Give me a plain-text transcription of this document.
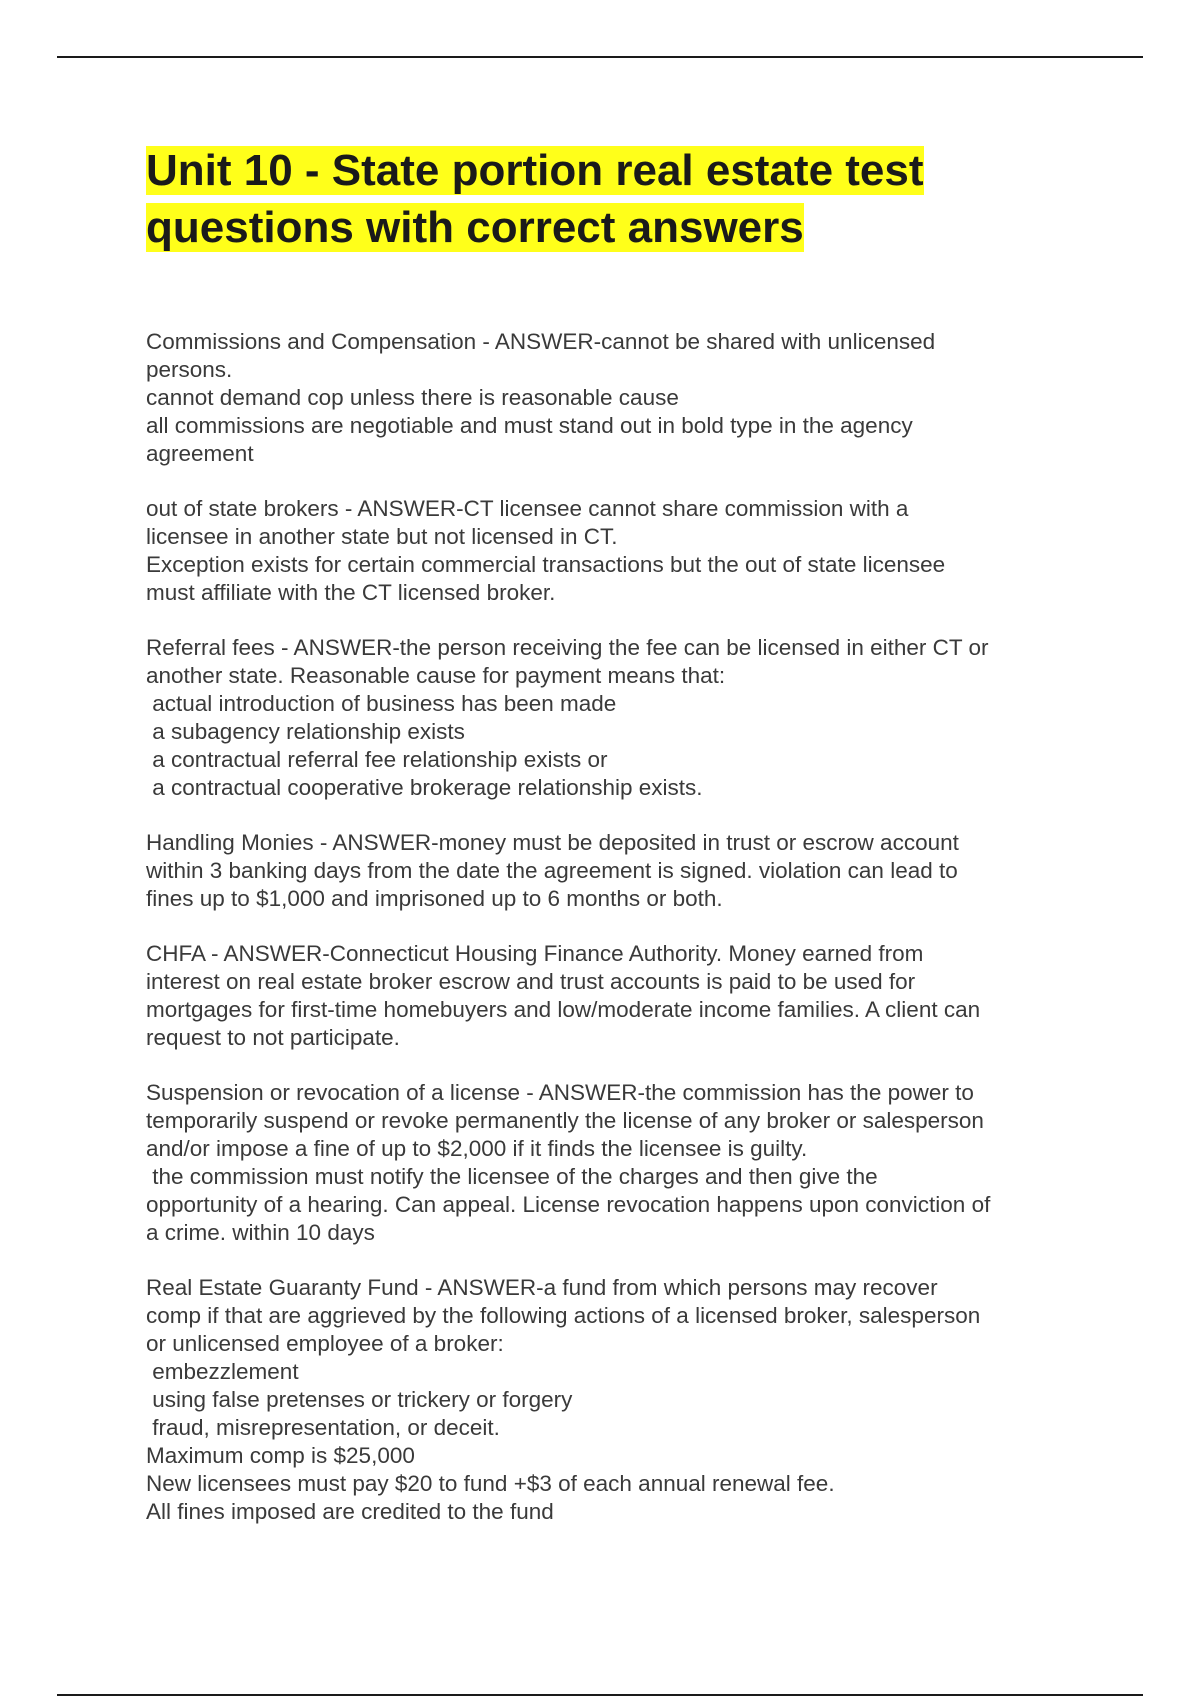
Unit 10 - State portion real estate test
questions with correct answers
Commissions and Compensation - ANSWER-cannot be shared with unlicensed
persons.
cannot demand cop unless there is reasonable cause
all commissions are negotiable and must stand out in bold type in the agency
agreement
out of state brokers - ANSWER-CT licensee cannot share commission with a
licensee in another state but not licensed in CT.
Exception exists for certain commercial transactions but the out of state licensee
must affiliate with the CT licensed broker.
Referral fees - ANSWER-the person receiving the fee can be licensed in either CT or
another state. Reasonable cause for payment means that:
actual introduction of business has been made
a subagency relationship exists
a contractual referral fee relationship exists or
a contractual cooperative brokerage relationship exists.
Handling Monies - ANSWER-money must be deposited in trust or escrow account
within 3 banking days from the date the agreement is signed. violation can lead to
fines up to $1,000 and imprisoned up to 6 months or both.
CHFA - ANSWER-Connecticut Housing Finance Authority. Money earned from
interest on real estate broker escrow and trust accounts is paid to be used for
mortgages for first-time homebuyers and low/moderate income families. A client can
request to not participate.
Suspension or revocation of a license - ANSWER-the commission has the power to
temporarily suspend or revoke permanently the license of any broker or salesperson
and/or impose a fine of up to $2,000 if it finds the licensee is guilty.
the commission must notify the licensee of the charges and then give the
opportunity of a hearing. Can appeal. License revocation happens upon conviction of
a crime. within 10 days
Real Estate Guaranty Fund - ANSWER-a fund from which persons may recover
comp if that are aggrieved by the following actions of a licensed broker, salesperson
or unlicensed employee of a broker:
embezzlement
using false pretenses or trickery or forgery
fraud, misrepresentation, or deceit.
Maximum comp is $25,000
New licensees must pay $20 to fund +$3 of each annual renewal fee.
All fines imposed are credited to the fund
